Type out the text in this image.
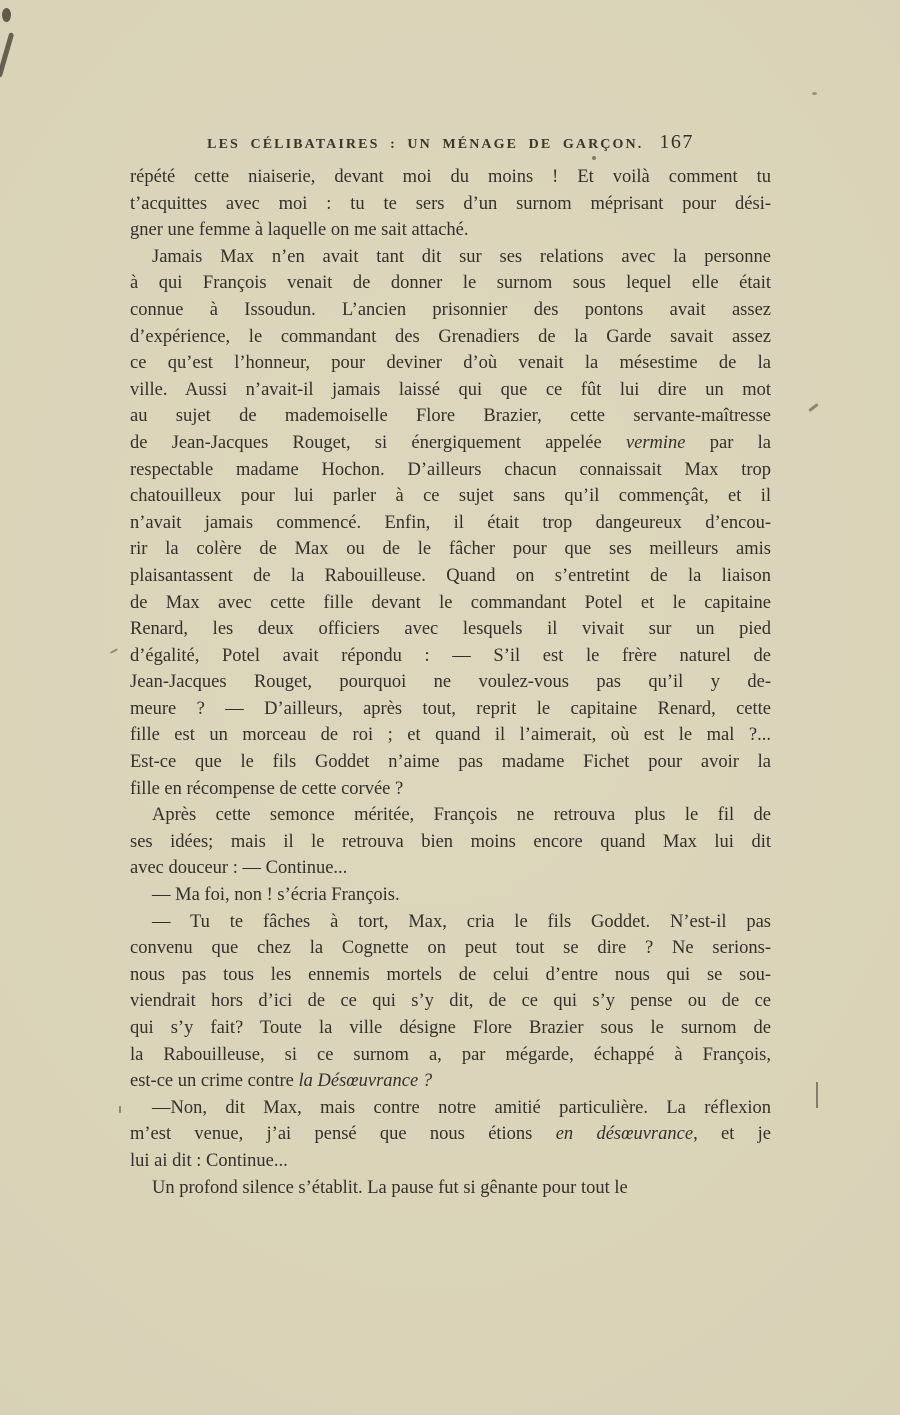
LES CÉLIBATAIRES : UN MÉNAGE DE GARÇON. 167
répété cette niaiserie, devant moi du moins ! Et voilà comment tu
t’acquittes avec moi : tu te sers d’un surnom méprisant pour dési-
gner une femme à laquelle on me sait attaché.
Jamais Max n’en avait tant dit sur ses relations avec la personne
à qui François venait de donner le surnom sous lequel elle était
connue à Issoudun. L’ancien prisonnier des pontons avait assez
d’expérience, le commandant des Grenadiers de la Garde savait assez
ce qu’est l’honneur, pour deviner d’où venait la mésestime de la
ville. Aussi n’avait-il jamais laissé qui que ce fût lui dire un mot
au sujet de mademoiselle Flore Brazier, cette servante-maîtresse
de Jean-Jacques Rouget, si énergiquement appelée vermine par la
respectable madame Hochon. D’ailleurs chacun connaissait Max trop
chatouilleux pour lui parler à ce sujet sans qu’il commençât, et il
n’avait jamais commencé. Enfin, il était trop dangeureux d’encou-
rir la colère de Max ou de le fâcher pour que ses meilleurs amis
plaisantassent de la Rabouilleuse. Quand on s’entretint de la liaison
de Max avec cette fille devant le commandant Potel et le capitaine
Renard, les deux officiers avec lesquels il vivait sur un pied
d’égalité, Potel avait répondu : — S’il est le frère naturel de
Jean-Jacques Rouget, pourquoi ne voulez-vous pas qu’il y de-
meure ? — D’ailleurs, après tout, reprit le capitaine Renard, cette
fille est un morceau de roi ; et quand il l’aimerait, où est le mal ?...
Est-ce que le fils Goddet n’aime pas madame Fichet pour avoir la
fille en récompense de cette corvée ?
Après cette semonce méritée, François ne retrouva plus le fil de
ses idées; mais il le retrouva bien moins encore quand Max lui dit
avec douceur : — Continue...
— Ma foi, non ! s’écria François.
— Tu te fâches à tort, Max, cria le fils Goddet. N’est-il pas
convenu que chez la Cognette on peut tout se dire ? Ne serions-
nous pas tous les ennemis mortels de celui d’entre nous qui se sou-
viendrait hors d’ici de ce qui s’y dit, de ce qui s’y pense ou de ce
qui s’y fait? Toute la ville désigne Flore Brazier sous le surnom de
la Rabouilleuse, si ce surnom a, par mégarde, échappé à François,
est-ce un crime contre la Désœuvrance ?
—Non, dit Max, mais contre notre amitié particulière. La réflexion
m’est venue, j’ai pensé que nous étions en désœuvrance, et je
lui ai dit : Continue...
Un profond silence s’établit. La pause fut si gênante pour tout le
